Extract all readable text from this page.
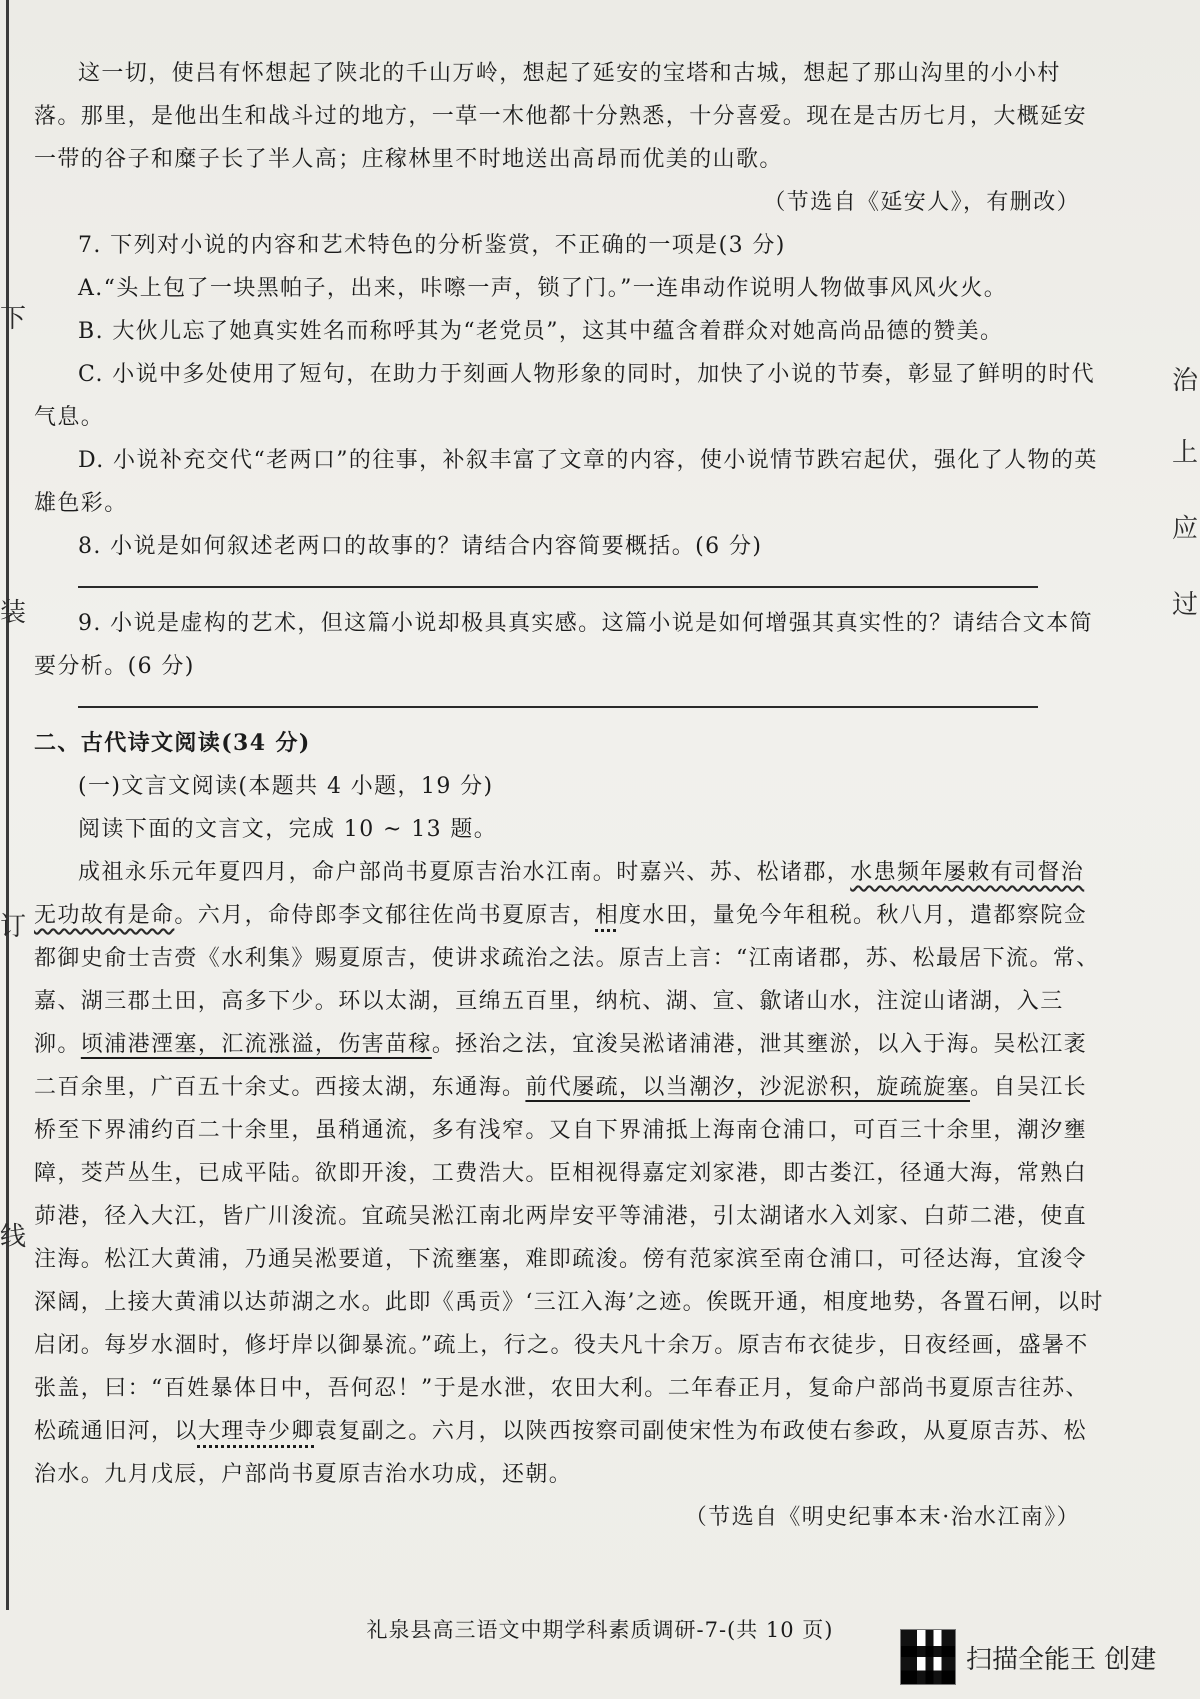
下
装
订
线
治
上
应
过

这一切，使吕有怀想起了陕北的千山万岭，想起了延安的宝塔和古城，想起了那山沟里的小小村落。那里，是他出生和战斗过的地方，一草一木他都十分熟悉，十分喜爱。现在是古历七月，大概延安一带的谷子和糜子长了半人高；庄稼林里不时地送出高昂而优美的山歌。

（节选自《延安人》，有删改）

7. 下列对小说的内容和艺术特色的分析鉴赏，不正确的一项是(3 分)

A.“头上包了一块黑帕子，出来，咔嚓一声，锁了门。”一连串动作说明人物做事风风火火。

B. 大伙儿忘了她真实姓名而称呼其为“老党员”，这其中蕴含着群众对她高尚品德的赞美。

C. 小说中多处使用了短句，在助力于刻画人物形象的同时，加快了小说的节奏，彰显了鲜明的时代气息。

D. 小说补充交代“老两口”的往事，补叙丰富了文章的内容，使小说情节跌宕起伏，强化了人物的英雄色彩。

8. 小说是如何叙述老两口的故事的？请结合内容简要概括。(6 分)

9. 小说是虚构的艺术，但这篇小说却极具真实感。这篇小说是如何增强其真实性的？请结合文本简要分析。(6 分)

二、古代诗文阅读(34 分)

(一)文言文阅读(本题共 4 小题，19 分)

阅读下面的文言文，完成 10 ~ 13 题。

成祖永乐元年夏四月，命户部尚书夏原吉治水江南。时嘉兴、苏、松诸郡，水患频年屡敕有司督治无功故有是命。六月，命侍郎李文郁往佐尚书夏原吉，相度水田，量免今年租税。秋八月，遣都察院佥都御史俞士吉赍《水利集》赐夏原吉，使讲求疏治之法。原吉上言：“江南诸郡，苏、松最居下流。常、嘉、湖三郡土田，高多下少。环以太湖，亘绵五百里，纳杭、湖、宣、歙诸山水，注淀山诸湖，入三泖。顷浦港湮塞，汇流涨溢，伤害苗稼。拯治之法，宜浚吴淞诸浦港，泄其壅淤，以入于海。吴松江袤二百余里，广百五十余丈。西接太湖，东通海。前代屡疏，以当潮汐，沙泥淤积，旋疏旋塞。自吴江长桥至下界浦约百二十余里，虽稍通流，多有浅窄。又自下界浦抵上海南仓浦口，可百三十余里，潮汐壅障，茭芦丛生，已成平陆。欲即开浚，工费浩大。臣相视得嘉定刘家港，即古娄江，径通大海，常熟白茆港，径入大江，皆广川浚流。宜疏吴淞江南北两岸安平等浦港，引太湖诸水入刘家、白茆二港，使直注海。松江大黄浦，乃通吴淞要道，下流壅塞，难即疏浚。傍有范家滨至南仓浦口，可径达海，宜浚令深阔，上接大黄浦以达茆湖之水。此即《禹贡》‘三江入海’之迹。俟既开通，相度地势，各置石闸，以时启闭。每岁水涸时，修圩岸以御暴流。”疏上，行之。役夫凡十余万。原吉布衣徒步，日夜经画，盛暑不张盖，曰：“百姓暴体日中，吾何忍！”于是水泄，农田大利。二年春正月，复命户部尚书夏原吉往苏、松疏通旧河，以大理寺少卿袁复副之。六月，以陕西按察司副使宋性为布政使右参政，从夏原吉苏、松治水。九月戊辰，户部尚书夏原吉治水功成，还朝。

（节选自《明史纪事本末·治水江南》）

礼泉县高三语文中期学科素质调研-7-(共 10 页)
扫描全能王 创建
